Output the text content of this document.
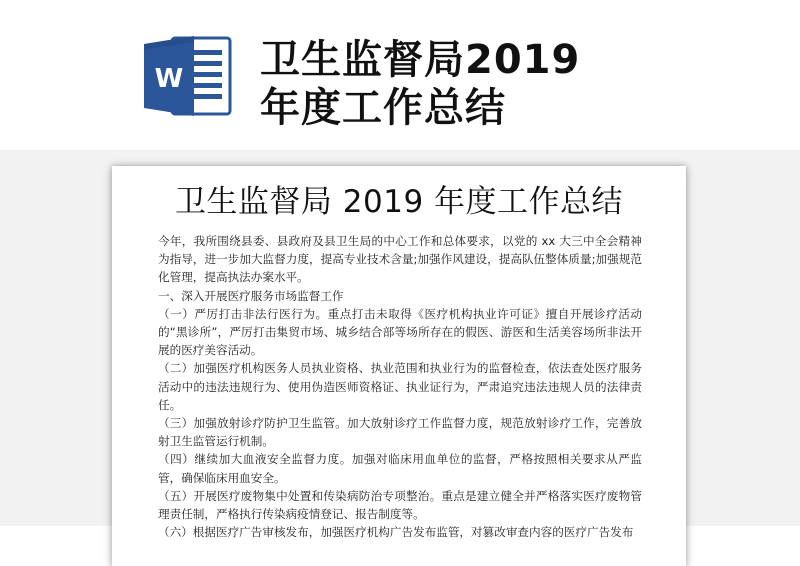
W 卫生监督局2019
年度工作总结
卫生监督局 2019 年度工作总结

今年，我所围绕县委、县政府及县卫生局的中心工作和总体要求，以党的 xx 大三中全会精神为指导，进一步加大监督力度，提高专业技术含量;加强作风建设，提高队伍整体质量;加强规范化管理，提高执法办案水平。

一、深入开展医疗服务市场监督工作

（一）严厉打击非法行医行为。重点打击未取得《医疗机构执业许可证》擅自开展诊疗活动的“黑诊所”，严厉打击集贸市场、城乡结合部等场所存在的假医、游医和生活美容场所非法开展的医疗美容活动。

（二）加强医疗机构医务人员执业资格、执业范围和执业行为的监督检查，依法查处医疗服务活动中的违法违规行为、使用伪造医师资格证、执业证行为，严肃追究违法违规人员的法律责任。

（三）加强放射诊疗防护卫生监管。加大放射诊疗工作监督力度，规范放射诊疗工作，完善放射卫生监管运行机制。

（四）继续加大血液安全监督力度。加强对临床用血单位的监督，严格按照相关要求从严监管，确保临床用血安全。

（五）开展医疗废物集中处置和传染病防治专项整治。重点是建立健全并严格落实医疗废物管理责任制，严格执行传染病疫情登记、报告制度等。

（六）根据医疗广告审核发布，加强医疗机构广告发布监管，对篡改审查内容的医疗广告发布
